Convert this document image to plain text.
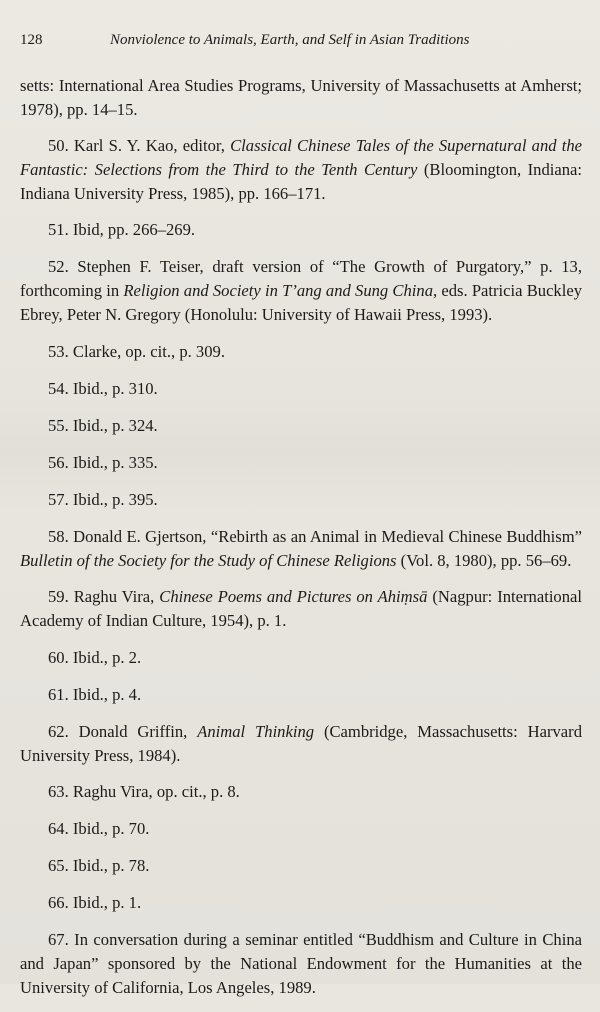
128	Nonviolence to Animals, Earth, and Self in Asian Traditions

setts: International Area Studies Programs, University of Massachusetts at Amherst; 1978), pp. 14–15.

50. Karl S. Y. Kao, editor, Classical Chinese Tales of the Supernatural and the Fantastic: Selections from the Third to the Tenth Century (Bloomington, Indiana: Indiana University Press, 1985), pp. 166–171.

51. Ibid, pp. 266–269.

52. Stephen F. Teiser, draft version of “The Growth of Purgatory,” p. 13, forthcoming in Religion and Society in T’ang and Sung China, eds. Patricia Buckley Ebrey, Peter N. Gregory (Honolulu: University of Hawaii Press, 1993).

53. Clarke, op. cit., p. 309.

54. Ibid., p. 310.

55. Ibid., p. 324.

56. Ibid., p. 335.

57. Ibid., p. 395.

58. Donald E. Gjertson, “Rebirth as an Animal in Medieval Chinese Buddhism” Bulletin of the Society for the Study of Chinese Religions (Vol. 8, 1980), pp. 56–69.

59. Raghu Vira, Chinese Poems and Pictures on Ahiṃsā (Nagpur: International Academy of Indian Culture, 1954), p. 1.

60. Ibid., p. 2.

61. Ibid., p. 4.

62. Donald Griffin, Animal Thinking (Cambridge, Massachusetts: Harvard University Press, 1984).

63. Raghu Vira, op. cit., p. 8.

64. Ibid., p. 70.

65. Ibid., p. 78.

66. Ibid., p. 1.

67. In conversation during a seminar entitled “Buddhism and Culture in China and Japan” sponsored by the National Endowment for the Humanities at the University of California, Los Angeles, 1989.
